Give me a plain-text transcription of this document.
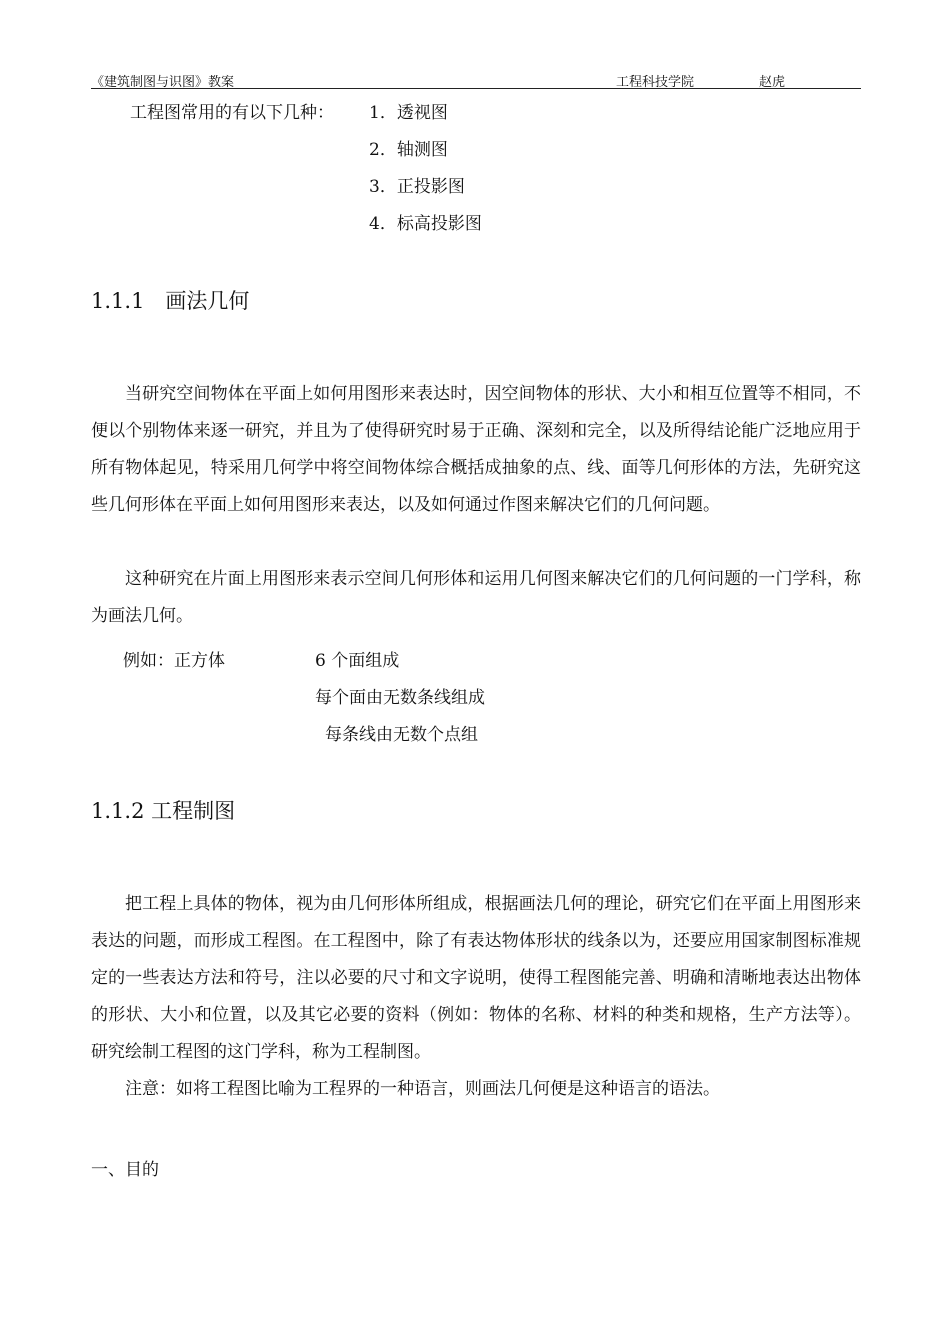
《建筑制图与识图》教案	工程科技学院	赵虎
工程图常用的有以下几种： 1．透视图
2．轴测图
3．正投影图
4．标高投影图
1.1.1　画法几何

当研究空间物体在平面上如何用图形来表达时，因空间物体的形状、大小和相互位置等不相同，不便以个别物体来逐一研究，并且为了使得研究时易于正确、深刻和完全，以及所得结论能广泛地应用于所有物体起见，特采用几何学中将空间物体综合概括成抽象的点、线、面等几何形体的方法，先研究这些几何形体在平面上如何用图形来表达，以及如何通过作图来解决它们的几何问题。

这种研究在片面上用图形来表示空间几何形体和运用几何图来解决它们的几何问题的一门学科，称为画法几何。

例如：正方体	6 个面组成
每个面由无数条线组成
每条线由无数个点组
1.1.2 工程制图

把工程上具体的物体，视为由几何形体所组成，根据画法几何的理论，研究它们在平面上用图形来表达的问题，而形成工程图。在工程图中，除了有表达物体形状的线条以为，还要应用国家制图标准规定的一些表达方法和符号，注以必要的尺寸和文字说明，使得工程图能完善、明确和清晰地表达出物体的形状、大小和位置，以及其它必要的资料（例如：物体的名称、材料的种类和规格，生产方法等）。研究绘制工程图的这门学科，称为工程制图。

注意：如将工程图比喻为工程界的一种语言，则画法几何便是这种语言的语法。

一、目的
